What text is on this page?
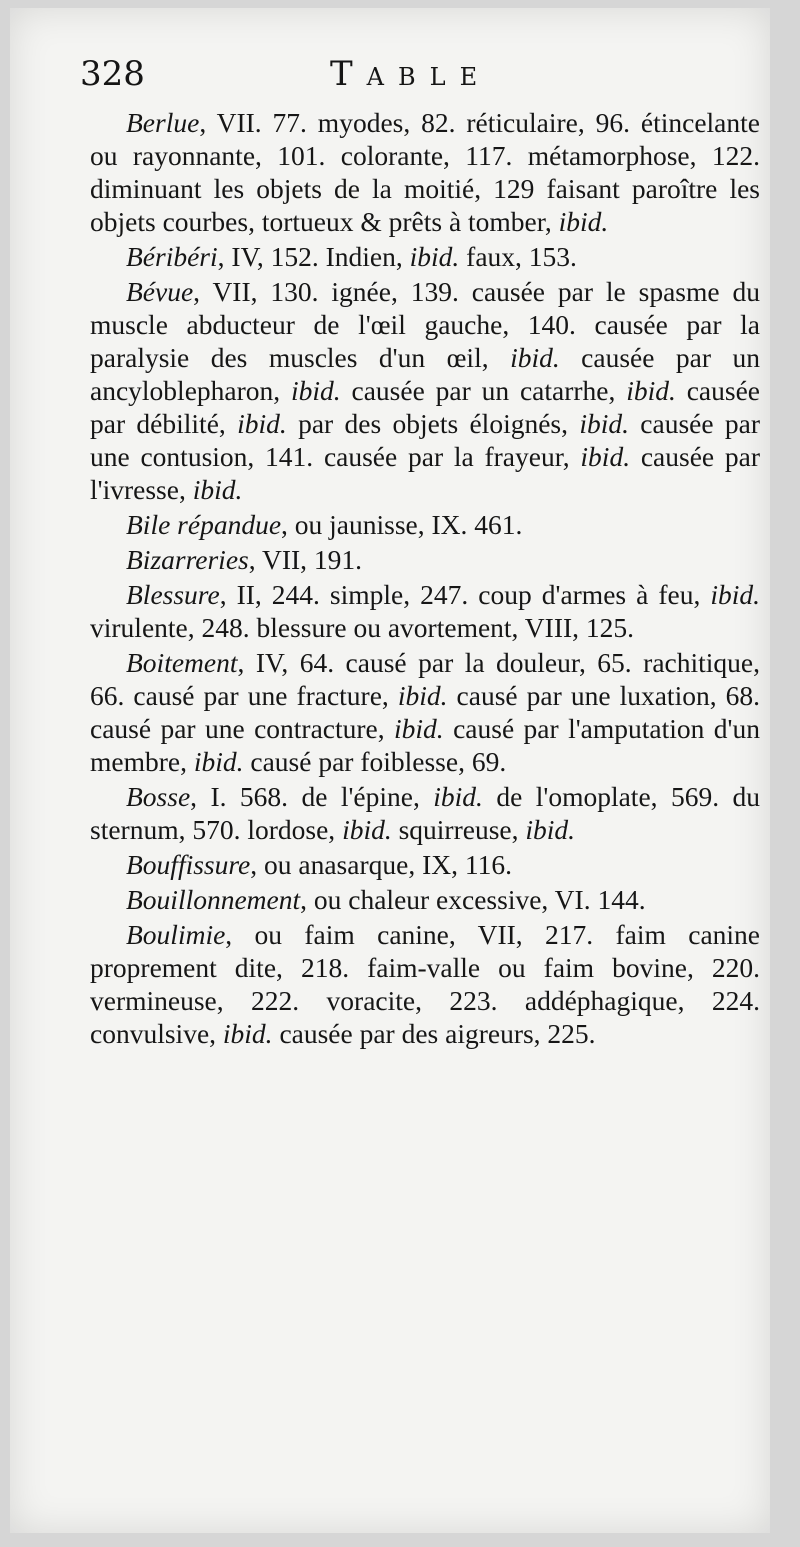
328	Table

Berlue, VII. 77. myodes, 82. réticulaire, 96. étincelante ou rayonnante, 101. colorante, 117. métamorphose, 122. diminuant les objets de la moitié, 129 faisant paroître les objets courbes, tortueux & prêts à tomber, ibid.

Béribéri, IV, 152. Indien, ibid. faux, 153.

Bévue, VII, 130. ignée, 139. causée par le spasme du muscle abducteur de l'œil gauche, 140. causée par la paralysie des muscles d'un œil, ibid. causée par un ancyloblepharon, ibid. causée par un catarrhe, ibid. causée par débilité, ibid. par des objets éloignés, ibid. causée par une contusion, 141. causée par la frayeur, ibid. causée par l'ivresse, ibid.

Bile répandue, ou jaunisse, IX. 461.

Bizarreries, VII, 191.

Blessure, II, 244. simple, 247. coup d'armes à feu, ibid. virulente, 248. blessure ou avortement, VIII, 125.

Boitement, IV, 64. causé par la douleur, 65. rachitique, 66. causé par une fracture, ibid. causé par une luxation, 68. causé par une contracture, ibid. causé par l'amputation d'un membre, ibid. causé par foiblesse, 69.

Bosse, I. 568. de l'épine, ibid. de l'omoplate, 569. du sternum, 570. lordose, ibid. squirreuse, ibid.

Bouffissure, ou anasarque, IX, 116.

Bouillonnement, ou chaleur excessive, VI. 144.

Boulimie, ou faim canine, VII, 217. faim canine proprement dite, 218. faim-valle ou faim bovine, 220. vermineuse, 222. voracite, 223. addéphagique, 224. convulsive, ibid. causée par des aigreurs, 225.
